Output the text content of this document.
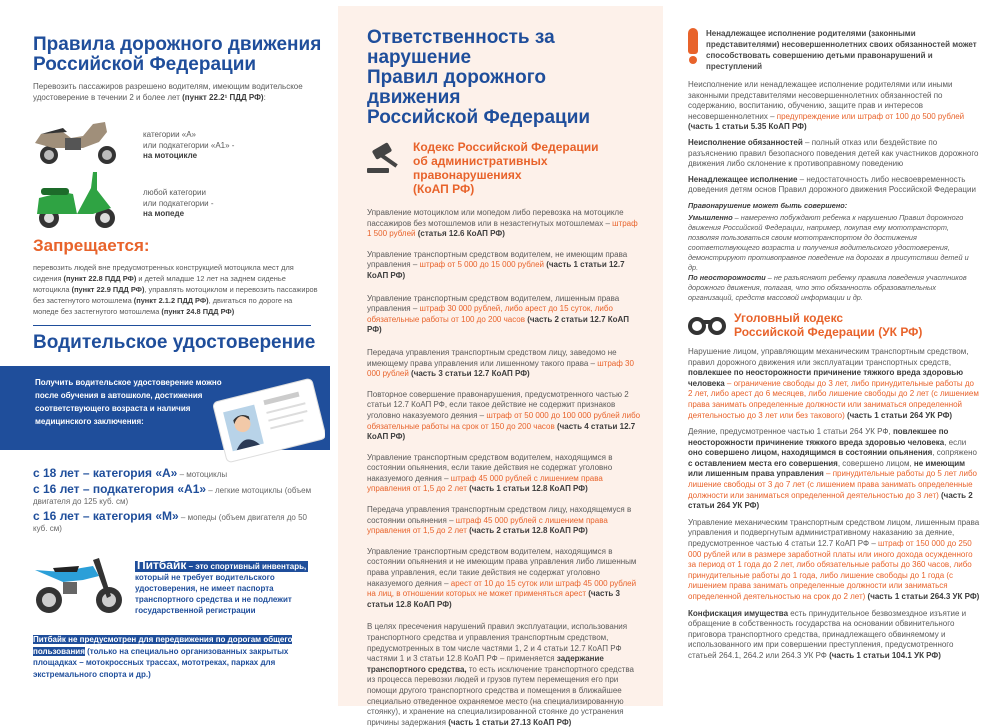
Правила дорожного движения
Российской Федерации
Перевозить пассажиров разрешено водителям, имеющим водительское удостоверение в течении 2 и более лет (пункт 22.2¹ ПДД РФ):
категории «А»
или подкатегории «А1» -
на мотоцикле
любой категории
или подкатегории -
на мопеде
Запрещается:
перевозить людей вне предусмотренных конструкцией мотоцикла мест для сидения (пункт 22.8 ПДД РФ) и детей младше 12 лет на заднем сиденье мотоцикла (пункт 22.9 ПДД РФ), управлять мотоциклом и перевозить пассажиров без застегнутого мотошлема (пункт 2.1.2 ПДД РФ), двигаться по дороге на мопеде без застегнутого мотошлема (пункт 24.8 ПДД РФ)
Водительское удостоверение
Получить водительское удостоверение можно после обучения в автошколе, достижения соответствующего возраста и наличия медицинского заключения:
с 18 лет – категория «А» – мотоциклы
с 16 лет – подкатегория «А1» – легкие мотоциклы (объем двигателя до 125 куб. см)
с 16 лет – категория «М» – мопеды (объем двигателя до 50 куб. см)
Питбайк – это спортивный инвентарь,
который не требует водительского удостоверения, не имеет паспорта транспортного средства и не подлежит государственной регистрации
Питбайк не предусмотрен для передвижения по дорогам общего пользования (только на специально организованных закрытых площадках – мотокроссных трассах, мототреках, парках для экстремального спорта и др.)
Ответственность за нарушение
Правил дорожного движения
Российской Федерации
Кодекс Российской Федерации
об административных правонарушениях
(КоАП РФ)
Управление мотоциклом или мопедом либо перевозка на мотоцикле пассажиров без мотошлемов или в незастегнутых мотошлемах – штраф 1 500 рублей (статья 12.6 КоАП РФ)
Управление транспортным средством водителем, не имеющим права управления – штраф от 5 000 до 15 000 рублей (часть 1 статьи 12.7 КоАП РФ)
Управление транспортным средством водителем, лишенным права управления – штраф 30 000 рублей, либо арест до 15 суток, либо обязательные работы от 100 до 200 часов (часть 2 статьи 12.7 КоАП РФ)
Передача управления транспортным средством лицу, заведомо не имеющему права управления или лишенному такого права – штраф 30 000 рублей (часть 3 статьи 12.7 КоАП РФ)
Повторное совершение правонарушения, предусмотренного частью 2 статьи 12.7 КоАП РФ, если такое действие не содержит признаков уголовно наказуемого деяния – штраф от 50 000 до 100 000 рублей либо обязательные работы на срок от 150 до 200 часов (часть 4 статьи 12.7 КоАП РФ)
Управление транспортным средством водителем, находящимся в состоянии опьянения, если такие действия не содержат уголовно наказуемого деяния – штраф 45 000 рублей с лишением права управления от 1,5 до 2 лет (часть 1 статьи 12.8 КоАП РФ)
Передача управления транспортным средством лицу, находящемуся в состоянии опьянения – штраф 45 000 рублей с лишением права управления от 1,5 до 2 лет (часть 2 статьи 12.8 КоАП РФ)
Управление транспортным средством водителем, находящимся в состоянии опьянения и не имеющим права управления либо лишенным права управления, если такие действия не содержат уголовно наказуемого деяния – арест от 10 до 15 суток или штраф 45 000 рублей на лиц, в отношении которых не может применяться арест (часть 3 статьи 12.8 КоАП РФ)
В целях пресечения нарушений правил эксплуатации, использования транспортного средства и управления транспортным средством, предусмотренных в том числе частями 1, 2 и 4 статьи 12.7 КоАП РФ частями 1 и 3 статьи 12.8 КоАП РФ – применяется задержание транспортного средства, то есть исключение транспортного средства из процесса перевозки людей и грузов путем перемещения его при помощи другого транспортного средства и помещения в ближайшее специально отведенное охраняемое место (на специализированную стоянку), и хранение на специализированной стоянке до устранения причины задержания (часть 1 статьи 27.13 КоАП РФ)
Ненадлежащее исполнение родителями (законными представителями) несовершеннолетних своих обязанностей может способствовать совершению детьми правонарушений и преступлений
Неисполнение или ненадлежащее исполнение родителями или иными законными представителями несовершеннолетних обязанностей по содержанию, воспитанию, обучению, защите прав и интересов несовершеннолетних – предупреждение или штраф от 100 до 500 рублей (часть 1 статьи 5.35 КоАП РФ)
Неисполнение обязанностей – полный отказ или бездействие по разъяснению правил безопасного поведения детей как участников дорожного движения либо склонение к противоправному поведению
Ненадлежащее исполнение – недостаточность либо несвоевременность доведения детям основ Правил дорожного движения Российской Федерации
Правонарушение может быть совершено:
Умышленно – намеренно побуждают ребенка к нарушению Правил дорожного движения Российской Федерации, например, покупая ему мототранспорт, позволяя пользоваться своим мототранспортом до достижения соответствующего возраста и получения водительского удостоверения, демонстрируют противоправное поведение на дорогах в присутствии детей и др.
По неосторожности – не разъясняют ребенку правила поведения участников дорожного движения, полагая, что это обязанность образовательных организаций, средств массовой информации и др.
Уголовный кодекс
Российской Федерации (УК РФ)
Нарушение лицом, управляющим механическим транспортным средством, правил дорожного движения или эксплуатации транспортных средств, повлекшее по неосторожности причинение тяжкого вреда здоровью человека – ограничение свободы до 3 лет, либо принудительные работы до 2 лет, либо арест до 6 месяцев, либо лишение свободы до 2 лет (с лишением права занимать определенные должности или заниматься определенной деятельностью до 3 лет или без такового) (часть 1 статьи 264 УК РФ)
Деяние, предусмотренное частью 1 статьи 264 УК РФ, повлекшее по неосторожности причинение тяжкого вреда здоровью человека, если оно совершено лицом, находящимся в состоянии опьянения, сопряжено с оставлением места его совершения, совершено лицом, не имеющим или лишенным права управления – принудительные работы до 5 лет либо лишение свободы от 3 до 7 лет (с лишением права занимать определенные должности или заниматься определенной деятельностью до 3 лет) (часть 2 статьи 264 УК РФ)
Управление механическим транспортным средством лицом, лишенным права управления и подвергнутым административному наказанию за деяние, предусмотренное частью 4 статьи 12.7 КоАП РФ – штраф от 150 000 до 250 000 рублей или в размере заработной платы или иного дохода осужденного за период от 1 года до 2 лет, либо обязательные работы до 360 часов, либо принудительные работы до 1 года, либо лишение свободы до 1 года (с лишением права занимать определенные должности или заниматься определенной деятельностью на срок до 2 лет) (часть 1 статьи 264.3 УК РФ)
Конфискация имущества есть принудительное безвозмездное изъятие и обращение в собственность государства на основании обвинительного приговора транспортного средства, принадлежащего обвиняемому и использованного им при совершении преступления, предусмотренного статьей 264.1, 264.2 или 264.3 УК РФ (часть 1 статьи 104.1 УК РФ)
